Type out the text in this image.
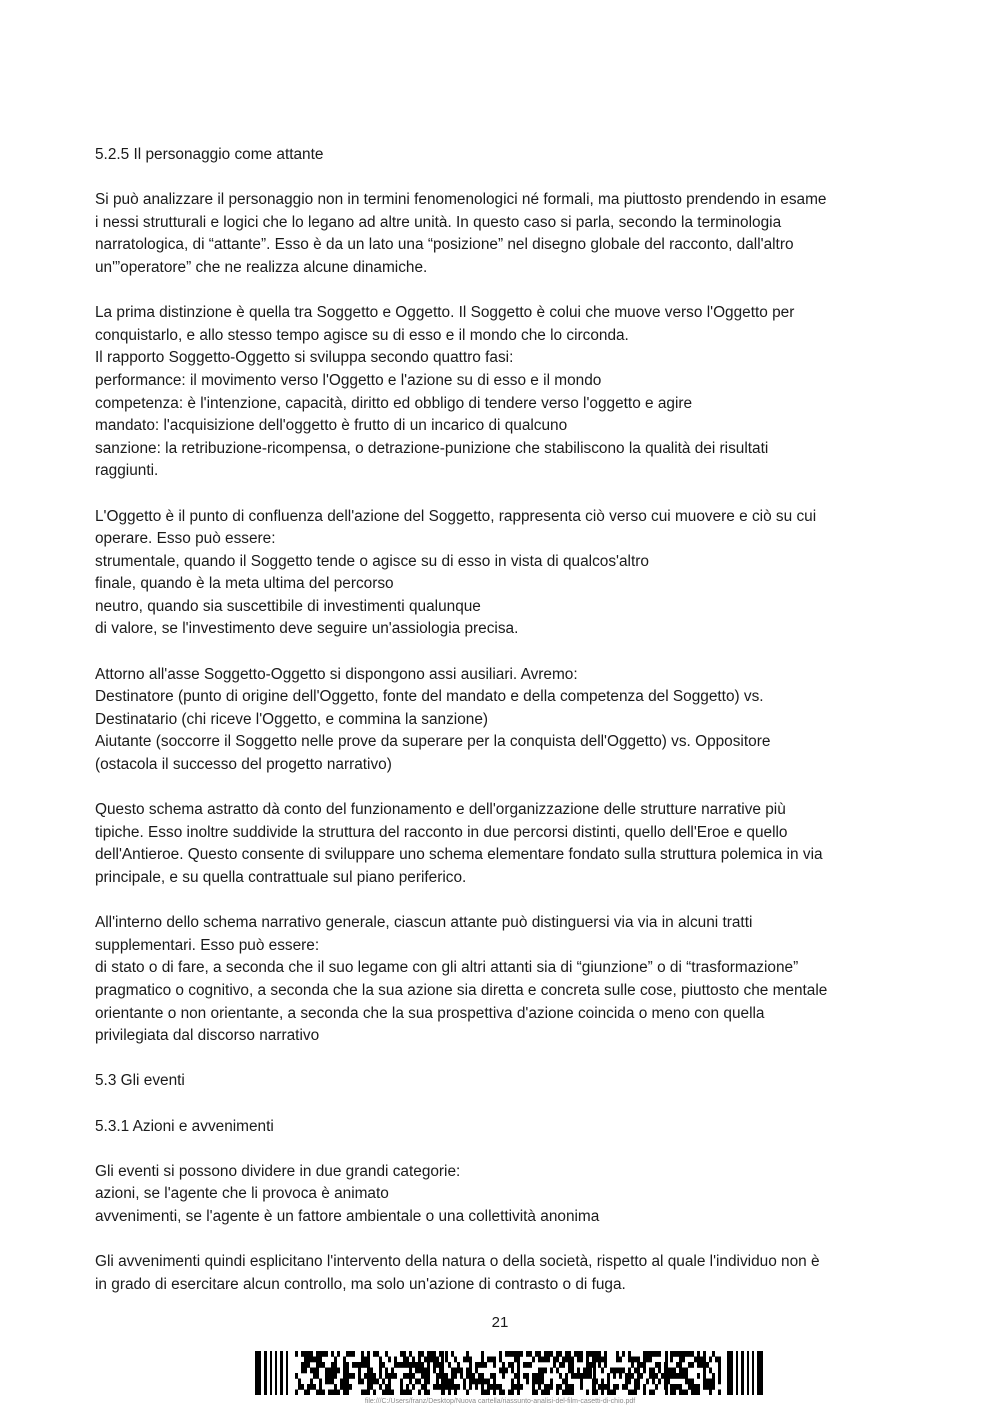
5.2.5 Il personaggio come attante

Si può analizzare il personaggio non in termini fenomenologici né formali, ma piuttosto prendendo in esame
i nessi strutturali e logici che lo legano ad altre unità. In questo caso si parla, secondo la terminologia
narratologica, di “attante”. Esso è da un lato una “posizione” nel disegno globale del racconto, dall'altro
un'”operatore” che ne realizza alcune dinamiche.

La prima distinzione è quella tra Soggetto e Oggetto. Il Soggetto è colui che muove verso l'Oggetto per
conquistarlo, e allo stesso tempo agisce su di esso e il mondo che lo circonda.
Il rapporto Soggetto-Oggetto si sviluppa secondo quattro fasi:
performance: il movimento verso l'Oggetto e l'azione su di esso e il mondo
competenza: è l'intenzione, capacità, diritto ed obbligo di tendere verso l'oggetto e agire
mandato: l'acquisizione dell'oggetto è frutto di un incarico di qualcuno
sanzione: la retribuzione-ricompensa, o detrazione-punizione che stabiliscono la qualità dei risultati
raggiunti.

L'Oggetto è il punto di confluenza dell'azione del Soggetto, rappresenta ciò verso cui muovere e ciò su cui
operare. Esso può essere:
strumentale, quando il Soggetto tende o agisce su di esso in vista di qualcos'altro
finale, quando è la meta ultima del percorso
neutro, quando sia suscettibile di investimenti qualunque
di valore, se l'investimento deve seguire un'assiologia precisa.

Attorno all'asse Soggetto-Oggetto si dispongono assi ausiliari. Avremo:
Destinatore (punto di origine dell'Oggetto, fonte del mandato e della competenza del Soggetto) vs.
Destinatario (chi riceve l'Oggetto, e commina la sanzione)
Aiutante (soccorre il Soggetto nelle prove da superare per la conquista dell'Oggetto) vs. Oppositore
(ostacola il successo del progetto narrativo)

Questo schema astratto dà conto del funzionamento e dell'organizzazione delle strutture narrative più
tipiche. Esso inoltre suddivide la struttura del racconto in due percorsi distinti, quello dell'Eroe e quello
dell'Antieroe. Questo consente di sviluppare uno schema elementare fondato sulla struttura polemica in via
principale, e su quella contrattuale sul piano periferico.

All'interno dello schema narrativo generale, ciascun attante può distinguersi via via in alcuni tratti
supplementari. Esso può essere:
di stato o di fare, a seconda che il suo legame con gli altri attanti sia di “giunzione” o di “trasformazione”
pragmatico o cognitivo, a seconda che la sua azione sia diretta e concreta sulle cose, piuttosto che mentale
orientante o non orientante, a seconda che la sua prospettiva d'azione coincida o meno con quella
privilegiata dal discorso narrativo

5.3 Gli eventi

5.3.1 Azioni e avvenimenti

Gli eventi si possono dividere in due grandi categorie:
azioni, se l'agente che li provoca è animato
avvenimenti, se l'agente è un fattore ambientale o una collettività anonima

Gli avvenimenti quindi esplicitano l'intervento della natura o della società, rispetto al quale l'individuo non è
in grado di esercitare alcun controllo, ma solo un'azione di contrasto o di fuga.

21
file:///C:/Users/franz/Desktop/Nuova cartella/riassunto-analisi-del-film-casetti-di-chio.pdf
